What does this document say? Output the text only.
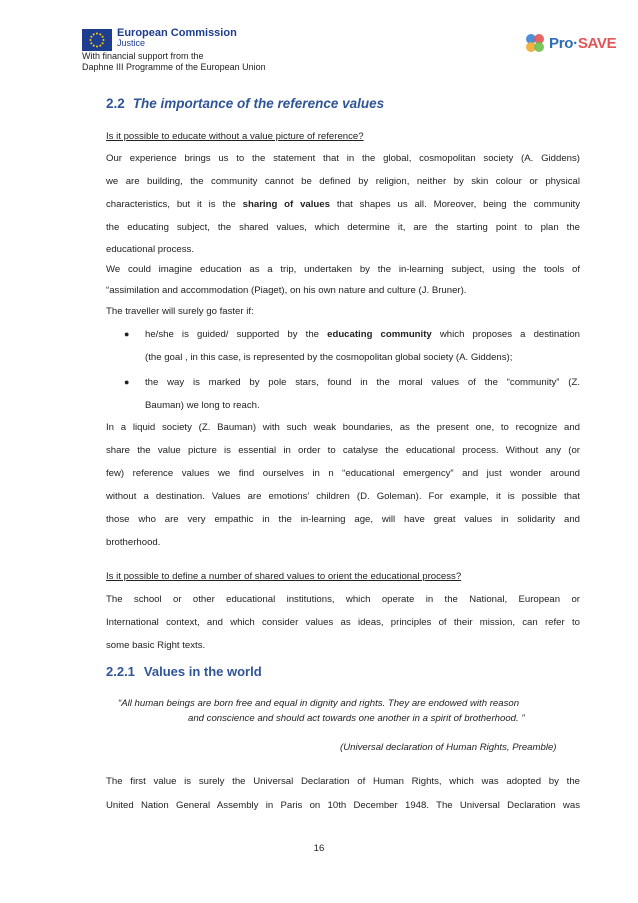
European Commission
Justice
With financial support from the
Daphne III Programme of the European Union
Pro·SAVE
2.2 The importance of the reference values
Is it possible to educate without a value picture of reference?
Our experience brings us to the statement that in the global, cosmopolitan society (A. Giddens)
we are building, the community cannot be defined by religion, neither by skin colour or physical
characteristics, but it is the sharing of values that shapes us all. Moreover, being the community
the educating subject, the shared values, which determine it, are the starting point to plan the
educational process.
We could imagine education as a trip, undertaken by the in-learning subject, using the tools of
“assimilation and accommodation (Piaget), on his own nature and culture (J. Bruner).
The traveller will surely go faster if:
● he/she is guided/ supported by the educating community which proposes a destination
(the goal , in this case, is represented by the cosmopolitan global society (A. Giddens);
● the way is marked by pole stars, found in the moral values of the “community” (Z.
Bauman) we long to reach.
In a liquid society (Z. Bauman) with such weak boundaries, as the present one, to recognize and
share the value picture is essential in order to catalyse the educational process. Without any (or
few) reference values we find ourselves in n “educational emergency” and just wonder around
without a destination. Values are emotions’ children (D. Goleman). For example, it is possible that
those who are very empathic in the in-learning age, will have great values in solidarity and
brotherhood.
Is it possible to define a number of shared values to orient the educational process?
The school or other educational institutions, which operate in the National, European or
International context, and which consider values as ideas, principles of their mission, can refer to
some basic Right texts.
2.2.1 Values in the world
“All human beings are born free and equal in dignity and rights. They are endowed with reason
and conscience and should act towards one another in a spirit of brotherhood. ”
(Universal declaration of Human Rights, Preamble)
The first value is surely the Universal Declaration of Human Rights, which was adopted by the
United Nation General Assembly in Paris on 10th December 1948. The Universal Declaration was
16
